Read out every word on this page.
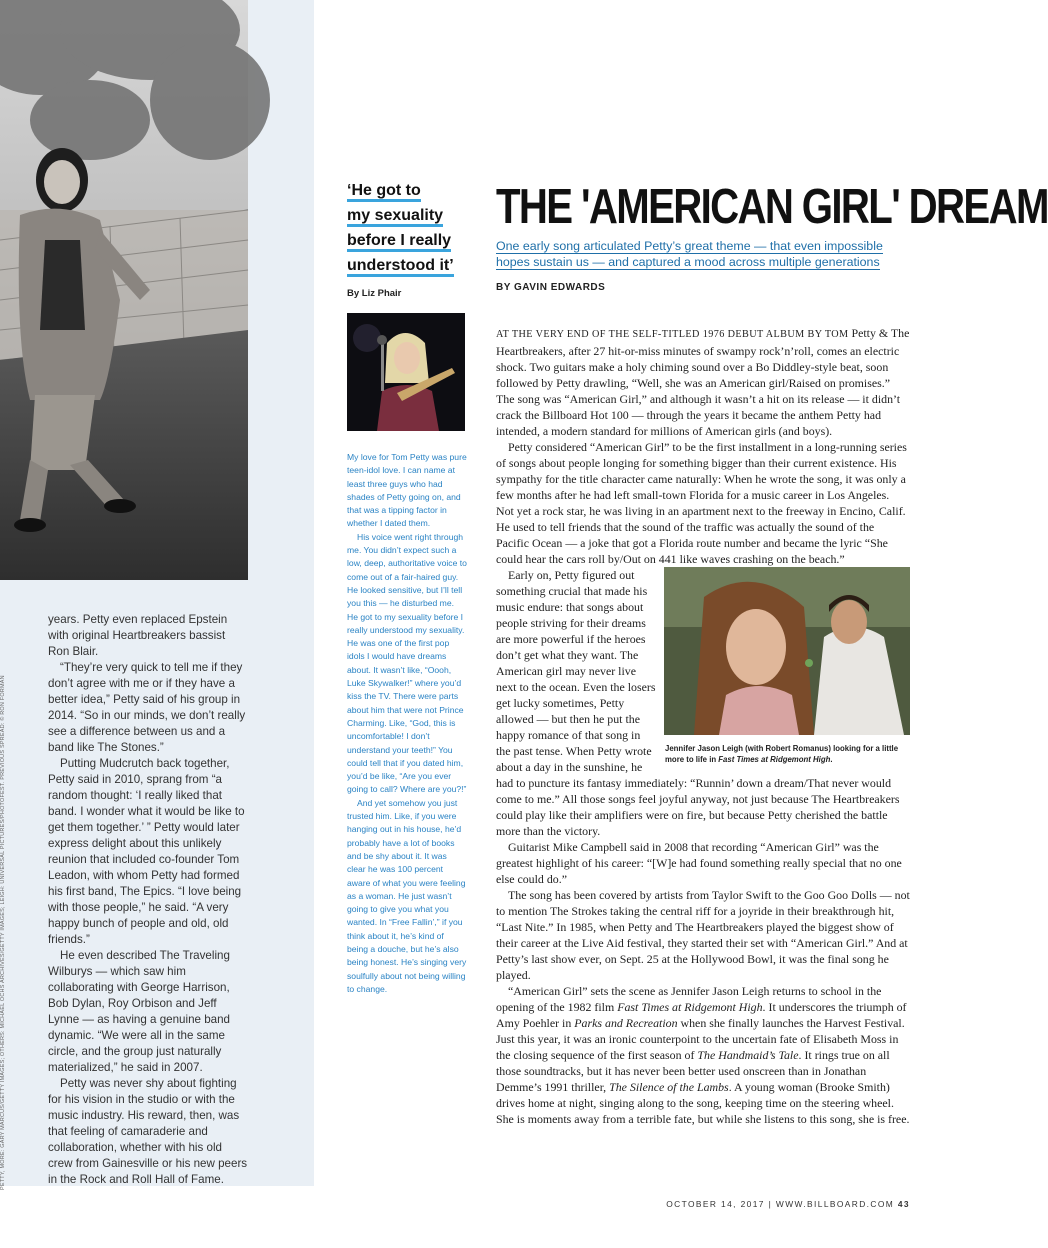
PETTY, MORE: GARY MARCUS/GETTY IMAGES; OTHERS: MICHAEL OCHS ARCHIVES/GETTY IMAGES; LEIGH: UNIVERSAL PICTURES/PHOTOFEST. PREVIOUS SPREAD: © RON FORMAN

years. Petty even replaced Epstein with original Heartbreakers bassist Ron Blair.

“They’re very quick to tell me if they don’t agree with me or if they have a better idea,” Petty said of his group in 2014. “So in our minds, we don’t really see a difference between us and a band like The Stones.”

Putting Mudcrutch back together, Petty said in 2010, sprang from “a random thought: ‘I really liked that band. I wonder what it would be like to get them together.’ ” Petty would later express delight about this unlikely reunion that included co-founder Tom Leadon, with whom Petty had formed his first band, The Epics. “I love being with those people,” he said. “A very happy bunch of people and old, old friends.”

He even described The Traveling Wilburys — which saw him collaborating with George Harrison, Bob Dylan, Roy Orbison and Jeff Lynne — as having a genuine band dynamic. “We were all in the same circle, and the group just naturally materialized,” he said in 2007.

Petty was never shy about fighting for his vision in the studio or with the music industry. His reward, then, was that feeling of camaraderie and collaboration, whether with his old crew from Gainesville or his new peers in the Rock and Roll Hall of Fame.

‘He got to
my sexuality
before I really
understood it’
By Liz Phair

My love for Tom Petty was pure teen-idol love. I can name at least three guys who had shades of Petty going on, and that was a tipping factor in whether I dated them.

His voice went right through me. You didn’t expect such a low, deep, authoritative voice to come out of a fair-haired guy. He looked sensitive, but I’ll tell you this — he disturbed me. He got to my sexuality before I really understood my sexuality. He was one of the first pop idols I would have dreams about. It wasn’t like, “Oooh, Luke Skywalker!” where you’d kiss the TV. There were parts about him that were not Prince Charming. Like, “God, this is uncomfortable! I don’t understand your teeth!” You could tell that if you dated him, you’d be like, “Are you ever going to call? Where are you?!”

And yet somehow you just trusted him. Like, if you were hanging out in his house, he’d probably have a lot of books and be shy about it. It was clear he was 100 percent aware of what you were feeling as a woman. He just wasn’t going to give you what you wanted. In “Free Fallin’,” if you think about it, he’s kind of being a douche, but he’s also being honest. He’s singing very soulfully about not being willing to change.

THE 'AMERICAN GIRL' DREAM
One early song articulated Petty’s great theme — that even impossible hopes sustain us — and captured a mood across multiple generations
BY GAVIN EDWARDS

AT THE VERY END OF THE SELF-TITLED 1976 DEBUT ALBUM BY TOM Petty & The Heartbreakers, after 27 hit-or-miss minutes of swampy rock’n’roll, comes an electric shock. Two guitars make a holy chiming sound over a Bo Diddley-style beat, soon followed by Petty drawling, “Well, she was an American girl/Raised on promises.” The song was “American Girl,” and although it wasn’t a hit on its release — it didn’t crack the Billboard Hot 100 — through the years it became the anthem Petty had intended, a modern standard for millions of American girls (and boys).

Petty considered “American Girl” to be the first installment in a long-running series of songs about people longing for something bigger than their current existence. His sympathy for the title character came naturally: When he wrote the song, it was only a few months after he had left small-town Florida for a music career in Los Angeles. Not yet a rock star, he was living in an apartment next to the freeway in Encino, Calif. He used to tell friends that the sound of the traffic was actually the sound of the Pacific Ocean — a joke that got a Florida route number and became the lyric “She could hear the cars roll by/Out on 441 like waves crashing on the beach.”

Jennifer Jason Leigh (with Robert Romanus) looking for a little more to life in Fast Times at Ridgemont High.

Early on, Petty figured out something crucial that made his music endure: that songs about people striving for their dreams are more powerful if the heroes don’t get what they want. The American girl may never live next to the ocean. Even the losers get lucky sometimes, Petty allowed — but then he put the happy romance of that song in the past tense. When Petty wrote about a day in the sunshine, he had to puncture its fantasy immediately: “Runnin’ down a dream/That never would come to me.” All those songs feel joyful anyway, not just because The Heartbreakers could play like their amplifiers were on fire, but because Petty cherished the battle more than the victory.

Guitarist Mike Campbell said in 2008 that recording “American Girl” was the greatest highlight of his career: “[W]e had found something really special that no one else could do.”

The song has been covered by artists from Taylor Swift to the Goo Goo Dolls — not to mention The Strokes taking the central riff for a joyride in their breakthrough hit, “Last Nite.” In 1985, when Petty and The Heartbreakers played the biggest show of their career at the Live Aid festival, they started their set with “American Girl.” And at Petty’s last show ever, on Sept. 25 at the Hollywood Bowl, it was the final song he played.

“American Girl” sets the scene as Jennifer Jason Leigh returns to school in the opening of the 1982 film Fast Times at Ridgemont High. It underscores the triumph of Amy Poehler in Parks and Recreation when she finally launches the Harvest Festival. Just this year, it was an ironic counterpoint to the uncertain fate of Elisabeth Moss in the closing sequence of the first season of The Handmaid’s Tale. It rings true on all those soundtracks, but it has never been better used onscreen than in Jonathan Demme’s 1991 thriller, The Silence of the Lambs. A young woman (Brooke Smith) drives home at night, singing along to the song, keeping time on the steering wheel. She is moments away from a terrible fate, but while she listens to this song, she is free.

OCTOBER 14, 2017 | WWW.BILLBOARD.COM 43
